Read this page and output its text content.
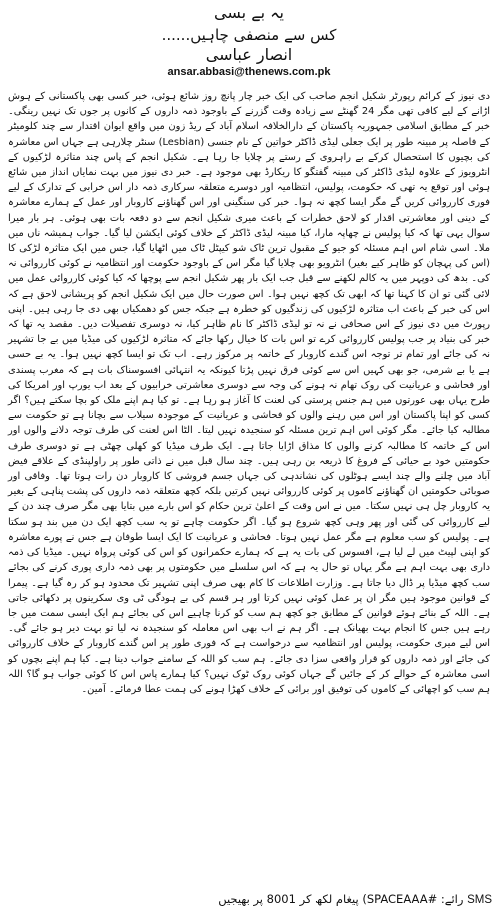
یہ بے بسی
کس سے منصفی چاہیں......
انصار عباسی
ansar.abbasi@thenews.com.pk
دی نیوز کے کرائم رپورٹر شکیل انجم صاحب کی ایک خبر چار پانچ روز شائع ہوئی، خبر کسی بھی پاکستانی کے ہوش اڑانے کے لیے کافی تھی مگر 24 گھنٹے سے زیادہ وقت گزرنے کے باوجود ذمہ داروں کے کانوں پر جوں تک نہیں رینگی۔ خبر کے مطابق اسلامی جمہوریہ پاکستان کے دارالخلافہ اسلام آباد کے ریڈ زون میں واقع ایوان اقتدار سے چند کلومیٹر کے فاصلہ پر مبینہ طور پر ایک جعلی لیڈی ڈاکٹر خواتین کے نام جنسی (Lesbian) سنٹر چلارہی ہے جہاں اس معاشرہ کی بچیوں کا استحصال کرکے بے راہروی کے رستے پر چلایا جا رہا ہے۔ شکیل انجم کے پاس چند متاثرہ لڑکیوں کے انٹرویوز کے علاوہ لیڈی ڈاکٹر کی مبینہ گفتگو کا ریکارڈ بھی موجود ہے۔ خبر دی نیوز میں بہت نمایاں انداز میں شائع ہوئی اور توقع یہ تھی کہ حکومت، پولیس، انتظامیہ اور دوسرے متعلقہ سرکاری ذمہ دار اس خرابی کے تدارک کے لیے فوری کارروائی کریں گے مگر ایسا کچھ نہ ہوا۔ خبر کی سنگینی اور اس گھناؤنے کاروبار اور عمل کے ہمارے معاشرہ کے دینی اور معاشرتی اقدار کو لاحق خطرات کے باعث میری شکیل انجم سے دو دفعہ بات بھی ہوئی۔ ہر بار میرا سوال یہی تھا کہ کیا پولیس نے چھاپہ مارا، کیا مبینہ لیڈی ڈاکٹر کے خلاف کوئی ایکشن لیا گیا۔ جواب ہمیشہ ناں میں ملا۔ اسی شام اس اہم مسئلہ کو جیو کے مقبول ترین ٹاک شو کیپٹل ٹاک میں اٹھایا گیا، جس میں ایک متاثرہ لڑکی کا (اس کی پہچان کو ظاہر کیے بغیر) انٹرویو بھی چلایا گیا مگر اس کے باوجود حکومت اور انتظامیہ نے کوئی کارروائی نہ کی۔ بدھ کی دوپہر میں یہ کالم لکھنے سے قبل جب ایک بار پھر شکیل انجم سے پوچھا کہ کیا کوئی کارروائی عمل میں لائی گئی تو ان کا کہنا تھا کہ ابھی تک کچھ نہیں ہوا۔ اس صورت حال میں ایک شکیل انجم کو پریشانی لاحق ہے کہ اس کی خبر کے باعث اب متاثرہ لڑکیوں کی زندگیوں کو خطرہ ہے جبکہ جس کو دھمکیاں بھی دی جا رہی ہیں۔ اپنی رپورٹ میں دی نیوز کے اس صحافی نے نہ تو لیڈی ڈاکٹر کا نام ظاہر کیا، نہ دوسری تفصیلات دیں۔ مقصد یہ تھا کہ خبر کی بنیاد پر جب پولیس کارروائی کرے تو اس بات کا خیال رکھا جائے کہ متاثرہ لڑکیوں کی میڈیا میں بے جا تشہیر نہ کی جائے اور تمام تر توجہ اس گندے کاروبار کے خاتمہ پر مرکوز رہے۔ اب تک تو ایسا کچھ نہیں ہوا۔ یہ بے حسی ہے یا بے شرمی، جو بھی کہیں اس سے کوئی فرق نہیں پڑتا کیونکہ یہ انتہائی افسوسناک بات ہے کہ مغرب پسندی اور فحاشی و عریانیت کی روک تھام نہ ہونے کی وجہ سے دوسری معاشرتی خرابیوں کے بعد اب یورپ اور امریکا کی طرح یہاں بھی عورتوں میں ہم جنس پرستی کی لعنت کا آغاز ہو رہا ہے۔ تو کیا ہم اپنے ملک کو بچا سکتے ہیں؟ اگر کسی کو اپنا پاکستان اور اس میں رہنے والوں کو فحاشی و عریانیت کے موجودہ سیلاب سے بچانا ہے تو حکومت سے مطالبہ کیا جائے۔ مگر کوئی اس اہم ترین مسئلہ کو سنجیدہ نہیں لیتا۔ الٹا اس لعنت کی طرف توجہ دلانے والوں اور اس کے خاتمہ کا مطالبہ کرنے والوں کا مذاق اڑایا جاتا ہے۔ ایک طرف میڈیا کو کھلی چھٹی ہے تو دوسری طرف حکومتیں خود بے حیائی کے فروغ کا ذریعہ بن رہی ہیں۔ چند سال قبل میں نے ذاتی طور پر راولپنڈی کے علاقے فیض آباد میں چلنے والے چند ایسے ہوٹلوں کی نشاندہی کی جہاں جسم فروشی کا کاروبار دن رات ہوتا تھا۔ وفاقی اور صوبائی حکومتیں ان گھناؤنے کاموں پر کوئی کارروائی نہیں کرتیں بلکہ کچھ متعلقہ ذمہ داروں کی پشت پناہی کے بغیر یہ کاروبار چل ہی نہیں سکتا۔ میں نے اس وقت کے اعلیٰ ترین حکام کو اس بارے میں بتایا بھی مگر صرف چند دن کے لیے کارروائی کی گئی اور پھر وہی کچھ شروع ہو گیا۔ اگر حکومت چاہے تو یہ سب کچھ ایک دن میں بند ہو سکتا ہے۔ پولیس کو سب معلوم ہے مگر عمل نہیں ہوتا۔ فحاشی و عریانیت کا ایک ایسا طوفان ہے جس نے پورے معاشرہ کو اپنی لپیٹ میں لے لیا ہے، افسوس کی بات یہ ہے کہ ہمارے حکمرانوں کو اس کی کوئی پرواہ نہیں۔ میڈیا کی ذمہ داری بھی بہت اہم ہے مگر یہاں تو حال یہ ہے کہ اس سلسلے میں حکومتوں پر بھی ذمہ داری پوری کرنے کی بجائے سب کچھ میڈیا پر ڈال دیا جاتا ہے۔ وزارت اطلاعات کا کام بھی صرف اپنی تشہیر تک محدود ہو کر رہ گیا ہے۔ پیمرا کے قوانین موجود ہیں مگر ان پر عمل کوئی نہیں کرتا اور ہر قسم کی بے ہودگی ٹی وی سکرینوں پر دکھائی جاتی ہے۔ اللہ کے بنائے ہوئے قوانین کے مطابق جو کچھ ہم سب کو کرنا چاہیے اس کی بجائے ہم ایک ایسی سمت میں جا رہے ہیں جس کا انجام بہت بھیانک ہے۔ اگر ہم نے اب بھی اس معاملہ کو سنجیدہ نہ لیا تو بہت دیر ہو جائے گی۔ اس لیے میری حکومت، پولیس اور انتظامیہ سے درخواست ہے کہ فوری طور پر اس گندے کاروبار کے خلاف کارروائی کی جائے اور ذمہ داروں کو قرار واقعی سزا دی جائے۔ ہم سب کو اللہ کے سامنے جواب دینا ہے۔ کیا ہم اپنے بچوں کو اسی معاشرہ کے حوالے کر کے جائیں گے جہاں کوئی روک ٹوک نہیں؟ کیا ہمارے پاس اس کا کوئی جواب ہو گا؟ اللہ ہم سب کو اچھائی کے کاموں کی توفیق اور برائی کے خلاف کھڑا ہونے کی ہمت عطا فرمائے۔ آمین۔
SMS رائے: #SPACEAAA) پیغام لکھ کر 8001 پر بھیجیں
